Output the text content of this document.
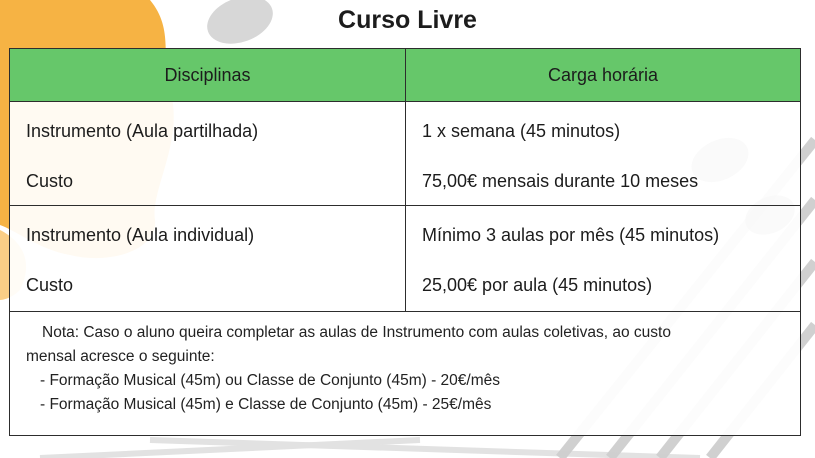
Curso Livre
Disciplinas	Carga horária
Instrumento (Aula partilhada)
Custo
1 x semana (45 minutos)
75,00€ mensais durante 10 meses
Instrumento (Aula individual)
Custo
Mínimo 3 aulas por mês (45 minutos)
25,00€ por aula (45 minutos)

Nota: Caso o aluno queira completar as aulas de Instrumento com aulas coletivas, ao custo

mensal acresce o seguinte:

- Formação Musical (45m) ou Classe de Conjunto (45m) - 20€/mês

- Formação Musical (45m) e Classe de Conjunto (45m) - 25€/mês
